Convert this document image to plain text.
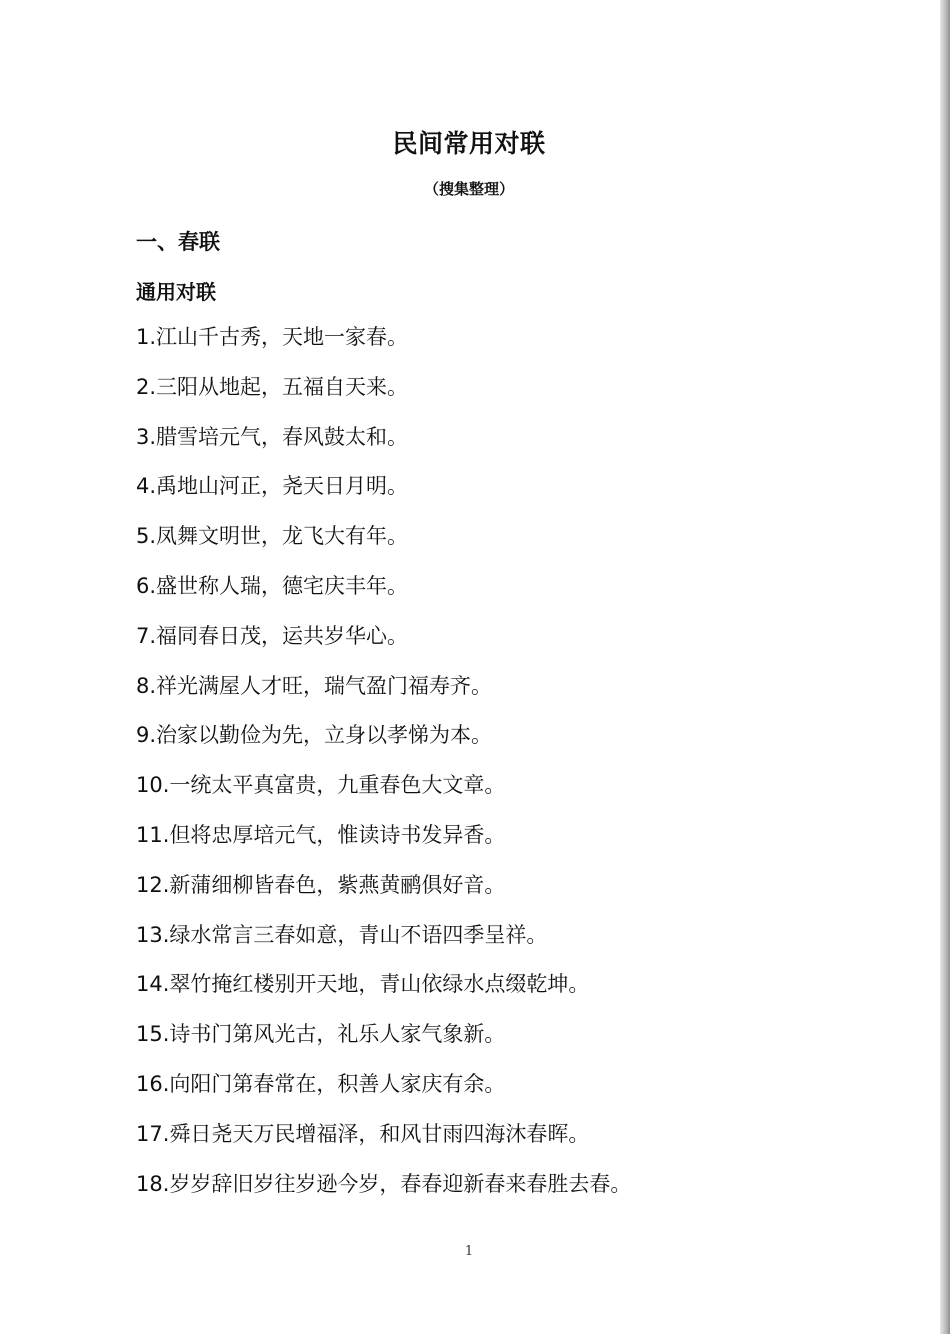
民间常用对联
（搜集整理）
一、春联
通用对联
1.江山千古秀，天地一家春。
2.三阳从地起，五福自天来。
3.腊雪培元气，春风鼓太和。
4.禹地山河正，尧天日月明。
5.凤舞文明世，龙飞大有年。
6.盛世称人瑞，德宅庆丰年。
7.福同春日茂，运共岁华心。
8.祥光满屋人才旺，瑞气盈门福寿齐。
9.治家以勤俭为先，立身以孝悌为本。
10.一统太平真富贵，九重春色大文章。
11.但将忠厚培元气，惟读诗书发异香。
12.新蒲细柳皆春色，紫燕黄鹂俱好音。
13.绿水常言三春如意，青山不语四季呈祥。
14.翠竹掩红楼别开天地，青山依绿水点缀乾坤。
15.诗书门第风光古，礼乐人家气象新。
16.向阳门第春常在，积善人家庆有余。
17.舜日尧天万民增福泽，和风甘雨四海沐春晖。
18.岁岁辞旧岁往岁逊今岁，春春迎新春来春胜去春。
1
